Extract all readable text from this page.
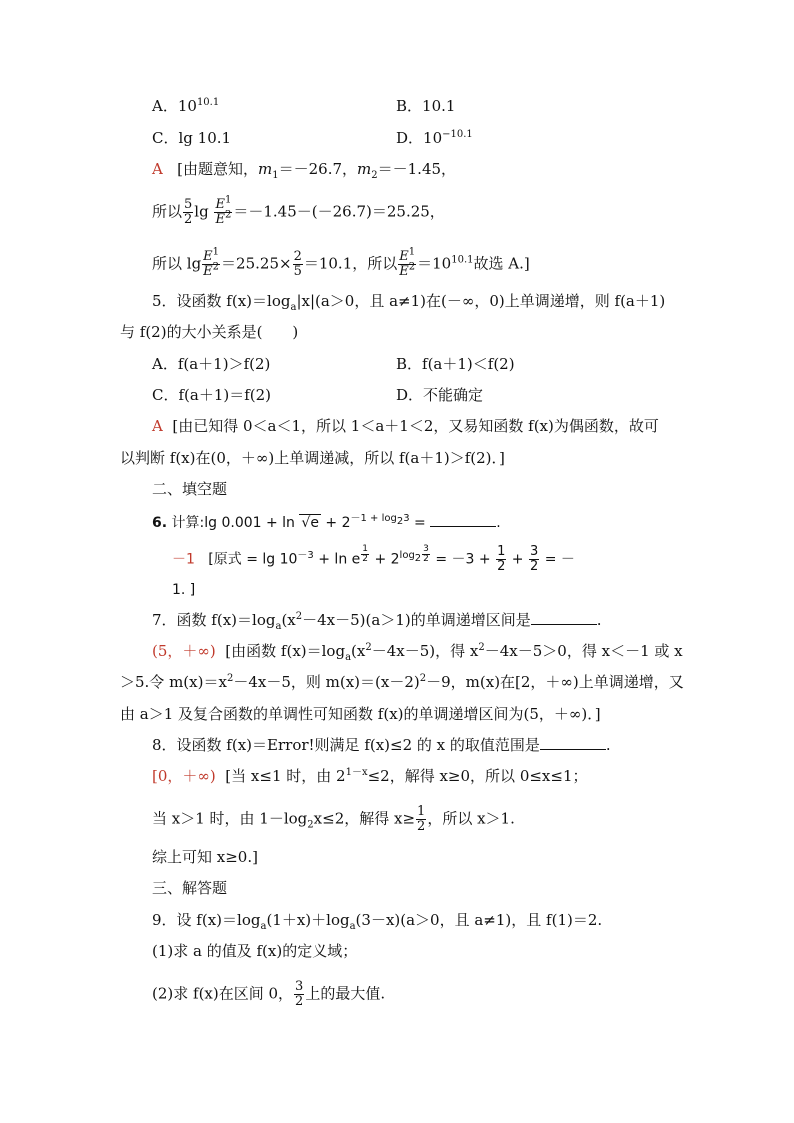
A．$10^{10.1}$	B．10.1
C．lg 10.1	D．$10^{-10.1}$
A [由题意知，$m_1=-26.7$，$m_2=-1.45$，
所以 $\frac{5}{2}$ $\lg \frac{E^1}{E^2} =-1.45-(-26.7)=25.25$，
所以 $\lg \frac{E^1}{E^2} =25.25\times \frac{2}{5} =10.1$，所以 $\frac{E^1}{E^2} =10^{10.1}$故选 A.]
5．设函数 $f(x)=\log_a|x|(a>0$，且 a≠1)在(－∞，0)上单调递增，则 f(a＋1)
与 f(2)的大小关系是(　　)
A．f(a＋1)＞f(2)	B．f(a＋1)＜f(2)
C．f(a＋1)＝f(2)	D．不能确定
A [由已知得 0＜a＜1，所以 1＜a＋1＜2，又易知函数 f(x)为偶函数，故可
以判断 f(x)在(0，＋∞)上单调递减，所以 f(a＋1)＞f(2)．]
二、填空题
6. 计算:lg $0.001 + \ln √e + 2^{-1 + log_23}$ =	.
－1 [原式 = $\lg 10^{-3} + \ln e$ $^{\frac{1}{2}} + 2^{log_2 \frac{3}{2}} = -3 + \frac{1}{2} + \frac{3}{2}$ = －
1. ]
7．函数 $f(x)=\log_a(x^2-4x-5)(a>1)$的单调递增区间是	.
(5，＋∞) [由函数 $f(x)=\log_a(x^2-4x-5)$，得 $x^2-4x-5>0$，得 x＜－1 或 x
＞5.令 $m(x)=x^2-4x-5$，则 $m(x)=(x-2)^2-9$，m(x)在[2，＋∞)上单调递增，又
由 a＞1 及复合函数的单调性可知函数 f(x)的单调递增区间为(5，＋∞)．]
8．设函数 f(x)＝Error!则满足 f(x)≤2 的 x 的取值范围是	.
[0，＋∞) [当 x≤1 时，由 $2^{1-x}\le 2$，解得 x≥0，所以 0≤x≤1；
当 x＞1 时，由 $1-\log_2x\le 2$，解得 $x\ge \frac{1}{2}$ ，所以 x＞1.
综上可知 x≥0.]
三、解答题
9．设 $f(x)=\log_a(1+x)+\log_a(3-x)(a>0$，且 a≠1)，且 f(1)＝2.
(1)求 a 的值及 f(x)的定义域；
(2)求 f(x)在区间 0， $\frac{3}{2}$ 上的最大值.
